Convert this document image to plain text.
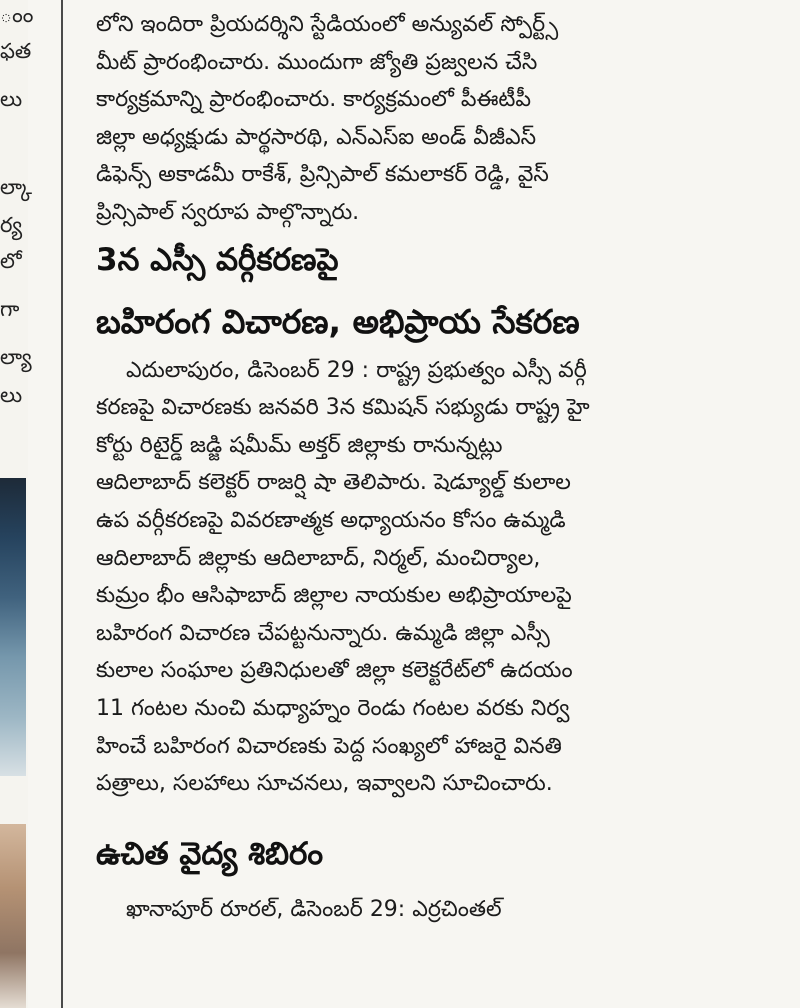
ంం
ఫత
లు
ల్కా
ర్య
లో
గా
ల్యా
లు

లోని ఇందిరా ప్రియదర్శిని స్టేడియంలో అన్యువల్ స్పోర్ట్స్
మీట్ ప్రారంభించారు. ముందుగా జ్యోతి ప్రజ్వలన చేసి
కార్యక్రమాన్ని ప్రారంభించారు. కార్యక్రమంలో పీఈటీపీ
జిల్లా అధ్యక్షుడు పార్థసారథి, ఎన్ఎస్ఐ అండ్ వీజీఎస్
డిఫెన్స్ అకాడమీ రాకేశ్, ప్రిన్సిపాల్ కమలాకర్ రెడ్డి, వైస్
ప్రిన్సిపాల్ స్వరూప పాల్గొన్నారు.

3న ఎస్సీ వర్గీకరణపై
బహిరంగ విచారణ, అభిప్రాయ సేకరణ

ఎదులాపురం, డిసెంబర్ 29 : రాష్ట్ర ప్రభుత్వం ఎస్సీ వర్గీ
కరణపై విచారణకు జనవరి 3న కమిషన్ సభ్యుడు రాష్ట్ర హై
కోర్టు రిటైర్డ్ జడ్జి షమీమ్ అక్తర్ జిల్లాకు రానున్నట్లు
ఆదిలాబాద్ కలెక్టర్ రాజర్షి షా తెలిపారు. షెడ్యూల్డ్ కులాల
ఉప వర్గీకరణపై వివరణాత్మక అధ్యాయనం కోసం ఉమ్మడి
ఆదిలాబాద్ జిల్లాకు ఆదిలాబాద్, నిర్మల్, మంచిర్యాల,
కుమ్రం భీం ఆసిఫాబాద్ జిల్లాల నాయకుల అభిప్రాయాలపై
బహిరంగ విచారణ చేపట్టనున్నారు. ఉమ్మడి జిల్లా ఎస్సీ
కులాల సంఘాల ప్రతినిధులతో జిల్లా కలెక్టరేట్‌లో ఉదయం
11 గంటల నుంచి మధ్యాహ్నం రెండు గంటల వరకు నిర్వ
హించే బహిరంగ విచారణకు పెద్ద సంఖ్యలో హాజరై వినతి
పత్రాలు, సలహాలు సూచనలు, ఇవ్వాలని సూచించారు.

ఉచిత వైద్య శిబిరం

ఖానాపూర్ రూరల్, డిసెంబర్ 29: ఎర్రచింతల్
